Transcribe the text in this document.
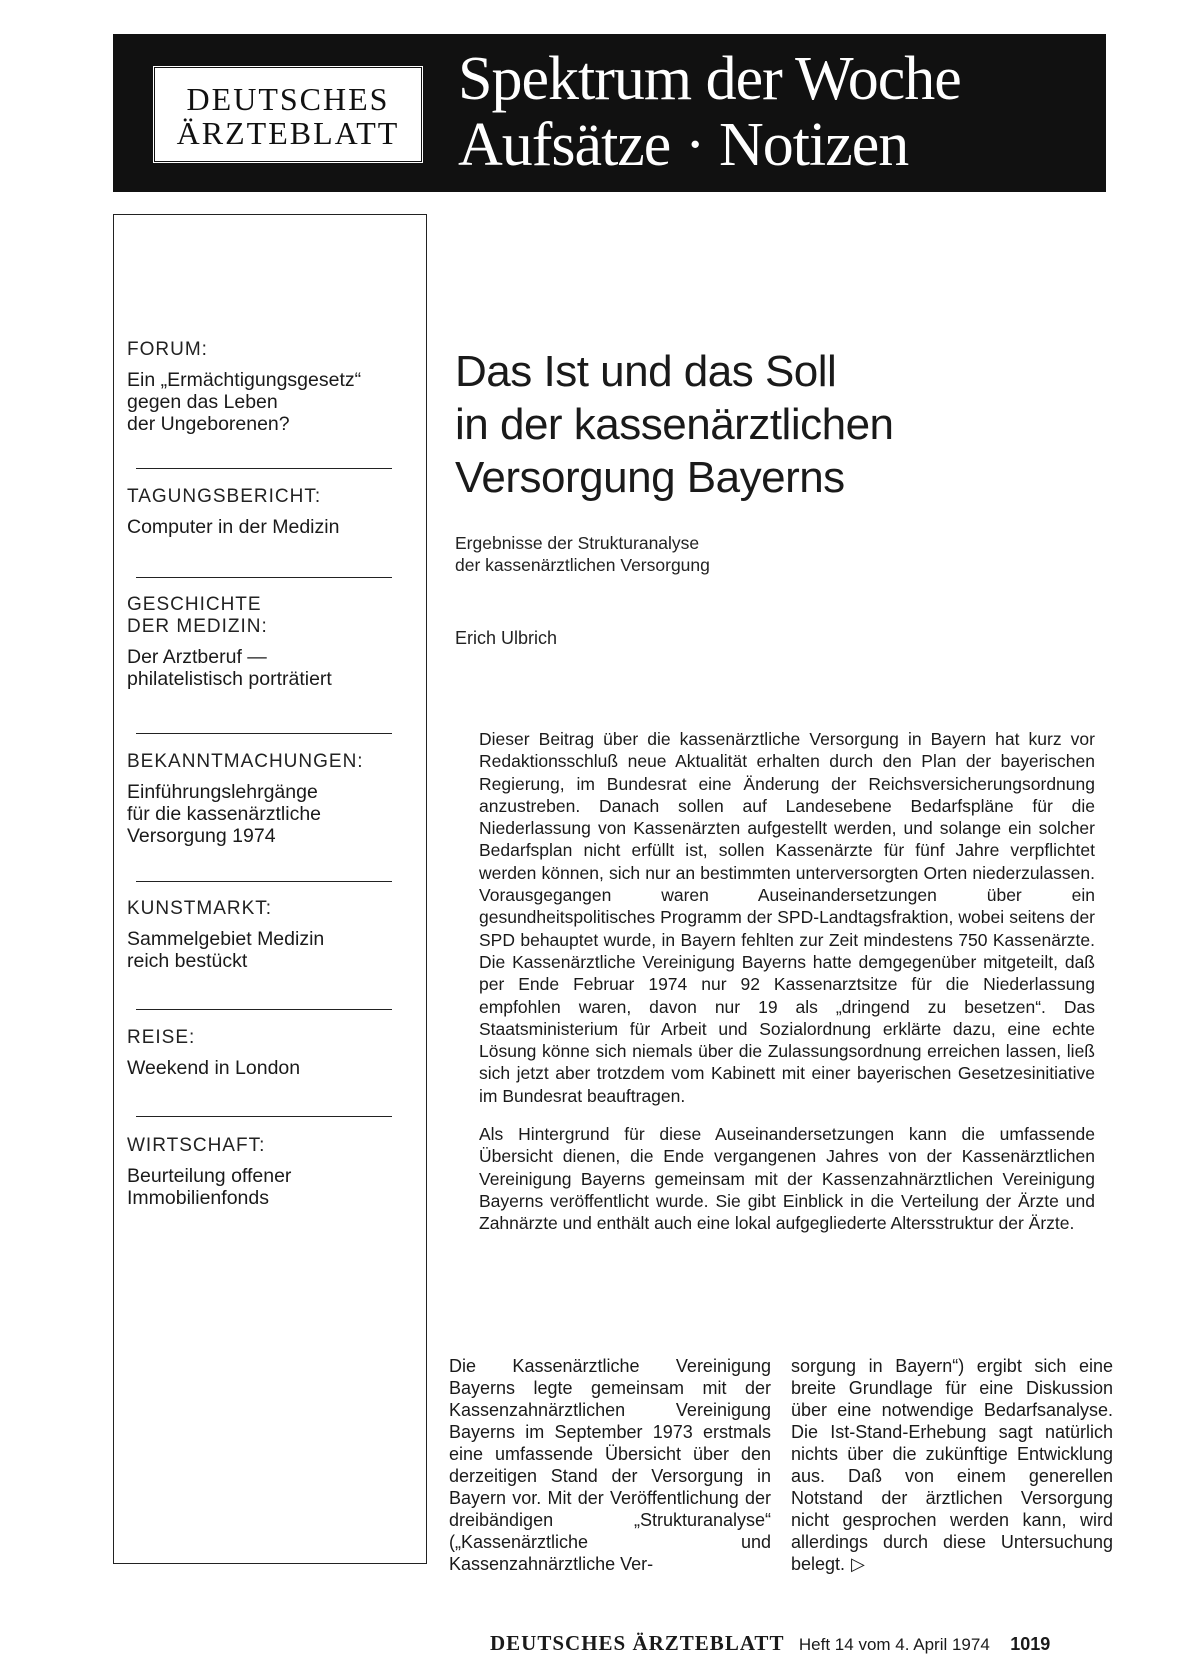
DEUTSCHES
ÄRZTEBLATT
Spektrum der Woche
Aufsätze · Notizen
FORUM:
Ein „Ermächtigungsgesetz“
gegen das Leben
der Ungeborenen?
TAGUNGSBERICHT:
Computer in der Medizin
GESCHICHTE
DER MEDIZIN:
Der Arztberuf —
philatelistisch porträtiert
BEKANNTMACHUNGEN:
Einführungslehrgänge
für die kassenärztliche
Versorgung 1974
KUNSTMARKT:
Sammelgebiet Medizin
reich bestückt
REISE:
Weekend in London
WIRTSCHAFT:
Beurteilung offener
Immobilienfonds
Das Ist und das Soll
in der kassenärztlichen
Versorgung Bayerns
Ergebnisse der Strukturanalyse
der kassenärztlichen Versorgung
Erich Ulbrich

Dieser Beitrag über die kassenärztliche Versorgung in Bayern hat kurz vor Redaktionsschluß neue Aktualität erhalten durch den Plan der bayerischen Regierung, im Bundesrat eine Änderung der Reichsversicherungsordnung anzustreben. Danach sollen auf Landesebene Bedarfspläne für die Niederlassung von Kassenärzten aufgestellt werden, und solange ein solcher Bedarfsplan nicht erfüllt ist, sollen Kassenärzte für fünf Jahre verpflichtet werden können, sich nur an bestimmten unterversorgten Orten niederzulassen. Vorausgegangen waren Auseinandersetzungen über ein gesundheitspolitisches Programm der SPD-Landtagsfraktion, wobei seitens der SPD behauptet wurde, in Bayern fehlten zur Zeit mindestens 750 Kassenärzte. Die Kassenärztliche Vereinigung Bayerns hatte demgegenüber mitgeteilt, daß per Ende Februar 1974 nur 92 Kassenarztsitze für die Niederlassung empfohlen waren, davon nur 19 als „dringend zu besetzen“. Das Staatsministerium für Arbeit und Sozialordnung erklärte dazu, eine echte Lösung könne sich niemals über die Zulassungsordnung erreichen lassen, ließ sich jetzt aber trotzdem vom Kabinett mit einer bayerischen Gesetzesinitiative im Bundesrat beauftragen.

Als Hintergrund für diese Auseinandersetzungen kann die umfassende Übersicht dienen, die Ende vergangenen Jahres von der Kassenärztlichen Vereinigung Bayerns gemeinsam mit der Kassenzahnärztlichen Vereinigung Bayerns veröffentlicht wurde. Sie gibt Einblick in die Verteilung der Ärzte und Zahnärzte und enthält auch eine lokal aufgegliederte Altersstruktur der Ärzte.

Die Kassenärztliche Vereinigung Bayerns legte gemeinsam mit der Kassenzahnärztlichen Vereinigung Bayerns im September 1973 erstmals eine umfassende Übersicht über den derzeitigen Stand der Versorgung in Bayern vor. Mit der Veröffentlichung der dreibändigen „Strukturanalyse“ („Kassenärztliche und Kassenzahnärztliche Ver-
sorgung in Bayern“) ergibt sich eine breite Grundlage für eine Diskussion über eine notwendige Bedarfsanalyse. Die Ist-Stand-Erhebung sagt natürlich nichts über die zukünftige Entwicklung aus. Daß von einem generellen Notstand der ärztlichen Versorgung nicht gesprochen werden kann, wird allerdings durch diese Untersuchung belegt. ▷
DEUTSCHES ÄRZTEBLATT Heft 14 vom 4. April 1974 1019
